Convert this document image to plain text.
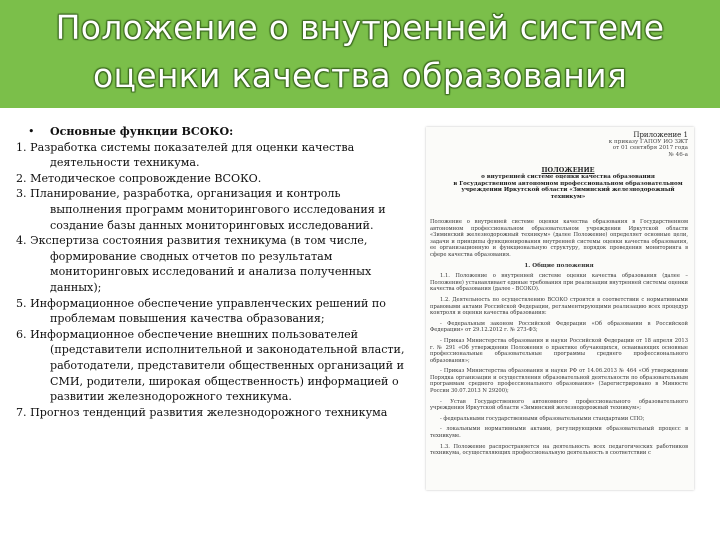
Положение о внутренней системе
оценки качества образования
•	Основные функции ВСОКО:
1. Разработка системы показателей для оценки качества деятельности техникума.
2. Методическое сопровождение ВСОКО.
3. Планирование, разработка, организация и контроль выполнения программ мониторингового исследования и создание базы данных мониторинговых исследований.
4. Экспертиза состояния развития техникума (в том числе, формирование сводных отчетов по результатам мониторинговых исследований и анализа полученных данных);
5. Информационное обеспечение управленческих решений по проблемам повышения качества образования;
6. Информационное обеспечение внешних пользователей (представители исполнительной и законодательной власти, работодатели, представители общественных организаций и СМИ, родители, широкая общественность) информацией о развитии железнодорожного техникума.
7. Прогноз тенденций развития железнодорожного техникума
Приложение 1
к приказу ГАПОУ ИО ЗЖТ
от 01 сентября 2017 года № 46-а
ПОЛОЖЕНИЕ
о внутренней системе оценки качества образования
в Государственном автономном профессиональном образовательном
учреждении Иркутской области «Зиминский железнодорожный техникум»
Положение о внутренней системе оценки качества образования в Государственном автономном профессиональном образовательном учреждении Иркутской области «Зиминский железнодорожный техникум» (далее Положение) определяет основные цели, задачи и принципы функционирования внутренней системы оценки качества образования, ее организационную и функциональную структуру, порядок проведения мониторинга в сфере качества образования.
1. Общие положения
1.1. Положение о внутренней системе оценки качества образования (далее – Положение) устанавливает единые требования при реализации внутренней системы оценки качества образования (далее - ВСОКО).
1.2. Деятельность по осуществлению ВСОКО строится в соответствии с нормативными правовыми актами Российской Федерации, регламентирующими реализацию всех процедур контроля и оценки качества образования:
- Федеральным законом Российской Федерации «Об образовании в Российской Федерации» от 29.12.2012 г. № 273-ФЗ;
- Приказ Министерства образования и науки Российской Федерации от 18 апреля 2013 г. № 291 «Об утверждении Положения о практике обучающихся, осваивающих основные профессиональные образовательные программы среднего профессионального образования»;
- Приказ Министерства образования и науки РФ от 14.06.2013 № 464 «Об утверждении Порядка организации и осуществления образовательной деятельности по образовательным программам среднего профессионального образования» (Зарегистрировано в Минюсте России 30.07.2013 N 29200);
- Устав Государственного автономного профессионального образовательного учреждения Иркутской области «Зиминский железнодорожный техникум»;
- федеральными государственными образовательными стандартами СПО;
- локальными нормативными актами, регулирующими образовательный процесс в техникуме.
1.3. Положение распространяется на деятельность всех педагогических работников техникума, осуществляющих профессиональную деятельность в соответствии с
